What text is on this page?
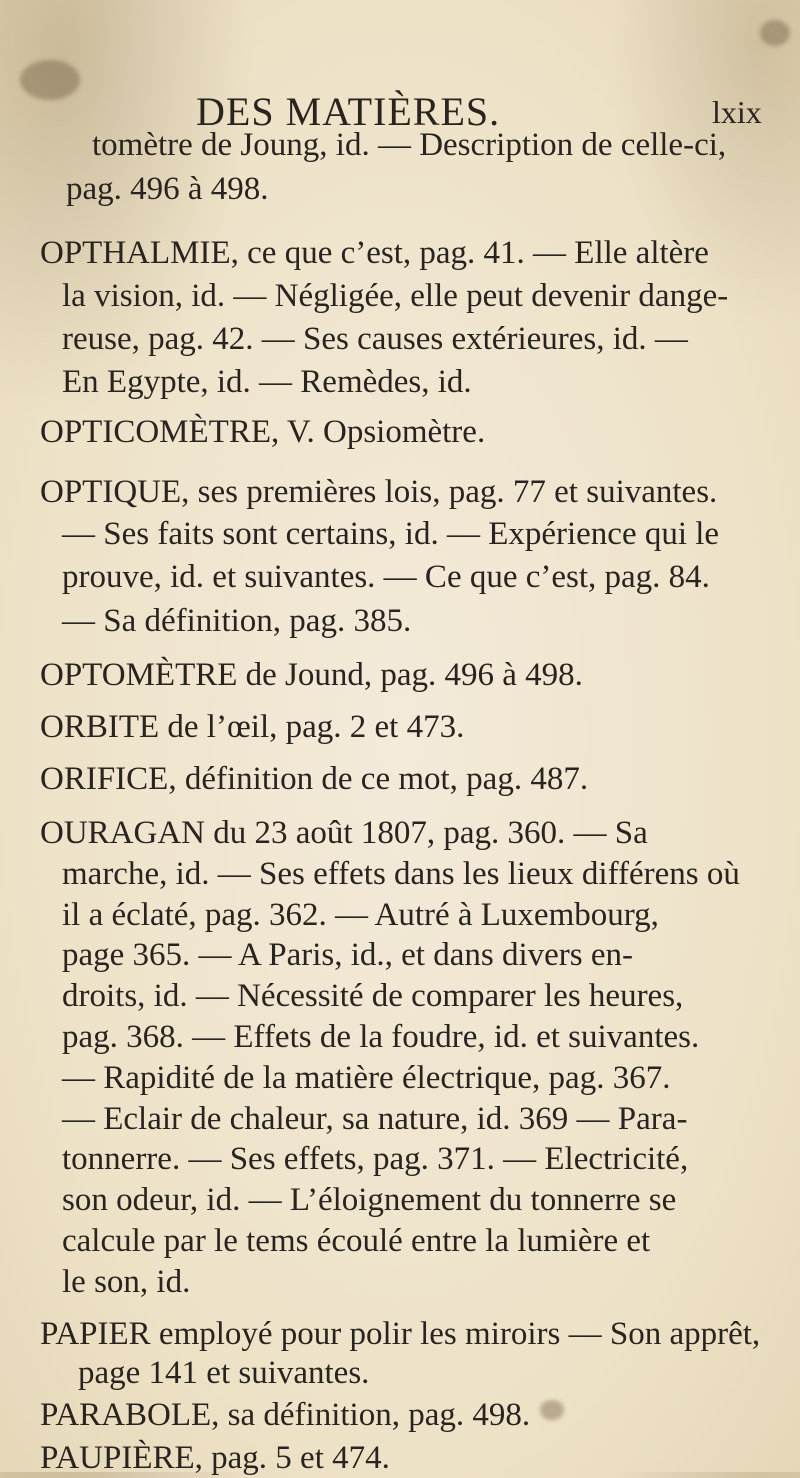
DES MATIÈRES.	lxix
tomètre de Joung, id. — Description de celle-ci,
pag. 496 à 498.
OPTHALMIE, ce que c’est, pag. 41. — Elle altère
la vision, id. — Négligée, elle peut devenir dange-
reuse, pag. 42. — Ses causes extérieures, id. —
En Egypte, id. — Remèdes, id.
OPTICOMÈTRE, V. Opsiomètre.
OPTIQUE, ses premières lois, pag. 77 et suivantes.
— Ses faits sont certains, id. — Expérience qui le
prouve, id. et suivantes. — Ce que c’est, pag. 84.
— Sa définition, pag. 385.
OPTOMÈTRE de Jound, pag. 496 à 498.
ORBITE de l’œil, pag. 2 et 473.
ORIFICE, définition de ce mot, pag. 487.
OURAGAN du 23 août 1807, pag. 360. — Sa
marche, id. — Ses effets dans les lieux différens où
il a éclaté, pag. 362. — Autré à Luxembourg,
page 365. — A Paris, id., et dans divers en-
droits, id. — Nécessité de comparer les heures,
pag. 368. — Effets de la foudre, id. et suivantes.
— Rapidité de la matière électrique, pag. 367.
— Eclair de chaleur, sa nature, id. 369 — Para-
tonnerre. — Ses effets, pag. 371. — Electricité,
son odeur, id. — L’éloignement du tonnerre se
calcule par le tems écoulé entre la lumière et
le son, id.
PAPIER employé pour polir les miroirs — Son apprêt,
page 141 et suivantes.
PARABOLE, sa définition, pag. 498.
PAUPIÈRE, pag. 5 et 474.
